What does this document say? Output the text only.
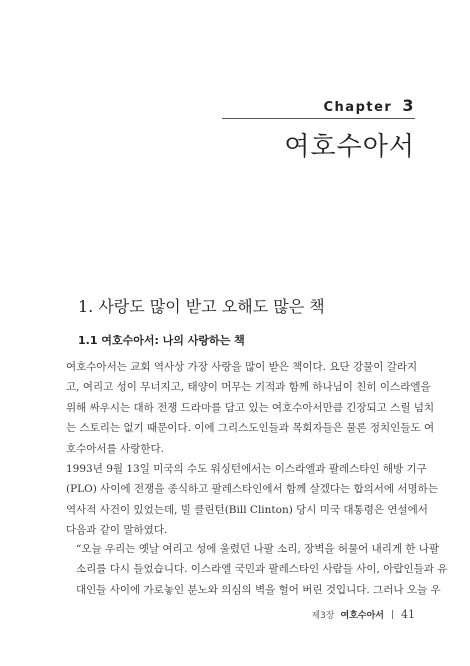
Chapter 3
여호수아서
1. 사랑도 많이 받고 오해도 많은 책
1.1 여호수아서: 나의 사랑하는 책
여호수아서는 교회 역사상 가장 사랑을 많이 받은 책이다. 요단 강물이 갈라지
고, 여리고 성이 무너지고, 태양이 머무는 기적과 함께 하나님이 친히 이스라엘을
위해 싸우시는 대하 전쟁 드라마를 담고 있는 여호수아서만큼 긴장되고 스릴 넘치
는 스토리는 없기 때문이다. 이에 그리스도인들과 목회자들은 물론 정치인들도 여
호수아서를 사랑한다.
1993년 9월 13일 미국의 수도 워싱턴에서는 이스라엘과 팔레스타인 해방 기구
(PLO) 사이에 전쟁을 종식하고 팔레스타인에서 함께 살겠다는 합의서에 서명하는
역사적 사건이 있었는데, 빌 클린턴(Bill Clinton) 당시 미국 대통령은 연설에서
다음과 같이 말하였다.
“오늘 우리는 옛날 여리고 성에 울렸던 나팔 소리, 장벽을 허물어 내리게 한 나팔
소리를 다시 들었습니다. 이스라엘 국민과 팔레스타인 사람들 사이, 아랍인들과 유
대인들 사이에 가로놓인 분노와 의심의 벽을 헐어 버린 것입니다. 그러나 오늘 우
제3장 여호수아서 41
